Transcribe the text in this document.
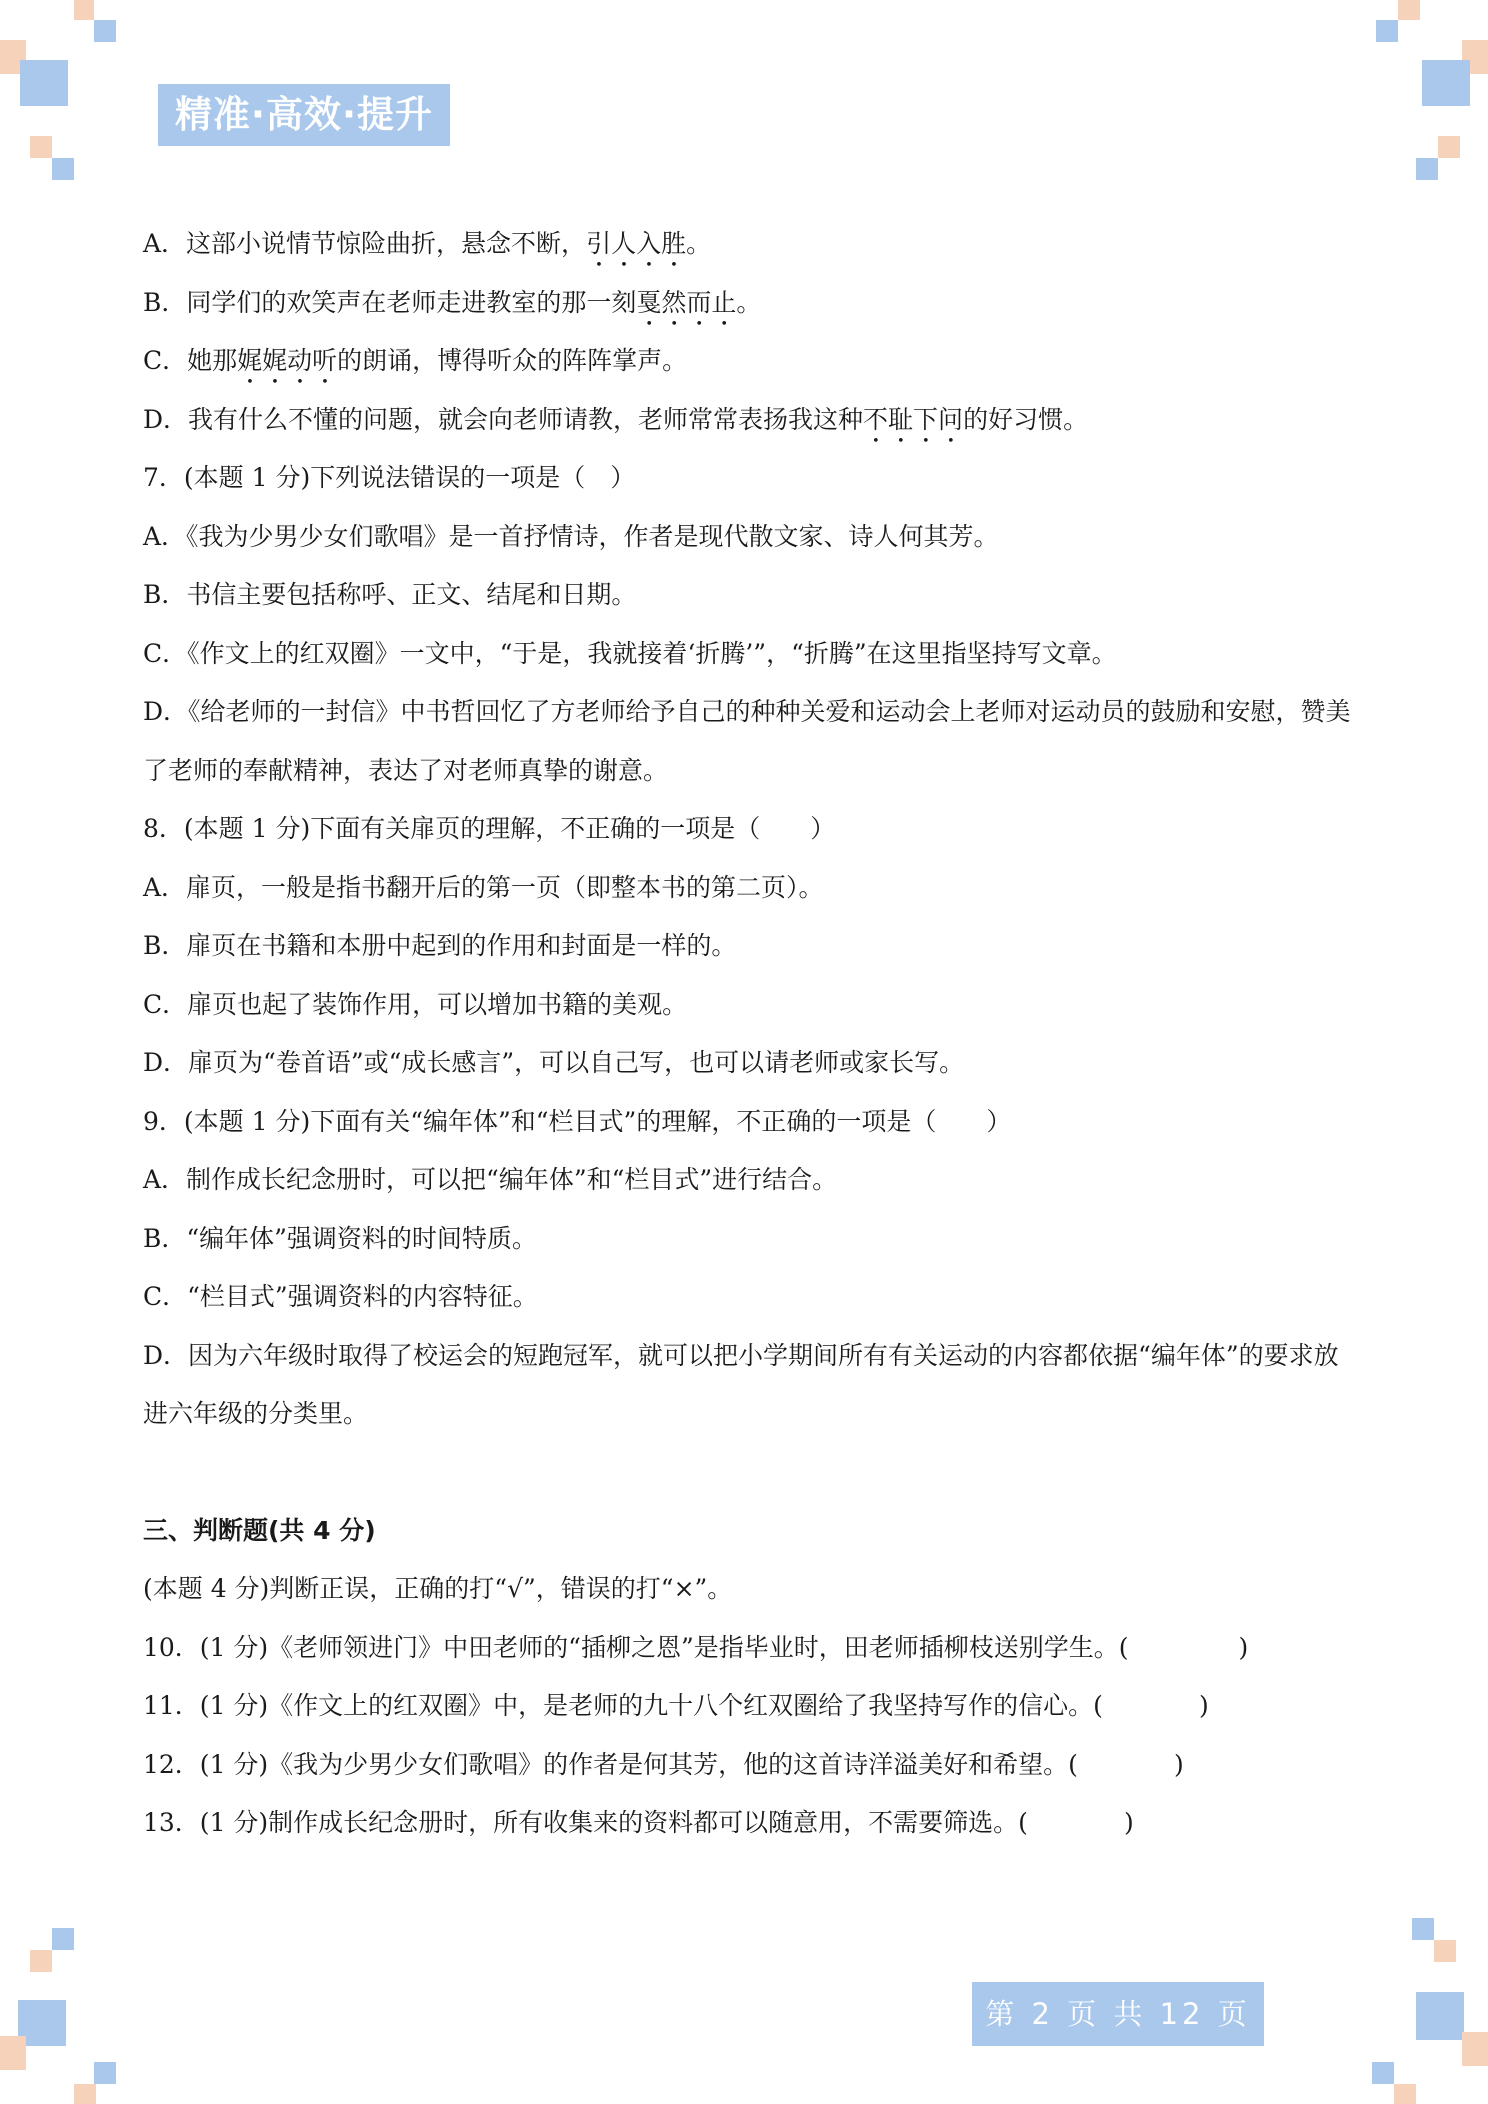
精准·高效·提升
A．这部小说情节惊险曲折，悬念不断，引人入胜。
B．同学们的欢笑声在老师走进教室的那一刻戛然而止。
C．她那娓娓动听的朗诵，博得听众的阵阵掌声。
D．我有什么不懂的问题，就会向老师请教，老师常常表扬我这种不耻下问的好习惯。
7．(本题 1 分)下列说法错误的一项是（　）
A．《我为少男少女们歌唱》是一首抒情诗，作者是现代散文家、诗人何其芳。
B．书信主要包括称呼、正文、结尾和日期。
C．《作文上的红双圈》一文中，“于是，我就接着‘折腾’”，“折腾”在这里指坚持写文章。
D．《给老师的一封信》中书哲回忆了方老师给予自己的种种关爱和运动会上老师对运动员的鼓励和安慰，赞美了老师的奉献精神，表达了对老师真挚的谢意。
8．(本题 1 分)下面有关扉页的理解，不正确的一项是（　　）
A．扉页，一般是指书翻开后的第一页（即整本书的第二页）。
B．扉页在书籍和本册中起到的作用和封面是一样的。
C．扉页也起了装饰作用，可以增加书籍的美观。
D．扉页为“卷首语”或“成长感言”，可以自己写，也可以请老师或家长写。
9．(本题 1 分)下面有关“编年体”和“栏目式”的理解，不正确的一项是（　　）
A．制作成长纪念册时，可以把“编年体”和“栏目式”进行结合。
B．“编年体”强调资料的时间特质。
C．“栏目式”强调资料的内容特征。
D．因为六年级时取得了校运会的短跑冠军，就可以把小学期间所有有关运动的内容都依据“编年体”的要求放进六年级的分类里。
三、判断题(共 4 分)
(本题 4 分)判断正误，正确的打“√”，错误的打“×”。
10．(1 分)《老师领进门》中田老师的“插柳之恩”是指毕业时，田老师插柳枝送别学生。(	)
11．(1 分)《作文上的红双圈》中，是老师的九十八个红双圈给了我坚持写作的信心。(	)
12．(1 分)《我为少男少女们歌唱》的作者是何其芳，他的这首诗洋溢美好和希望。(	)
13．(1 分)制作成长纪念册时，所有收集来的资料都可以随意用，不需要筛选。(	)
第 2 页 共 12 页
